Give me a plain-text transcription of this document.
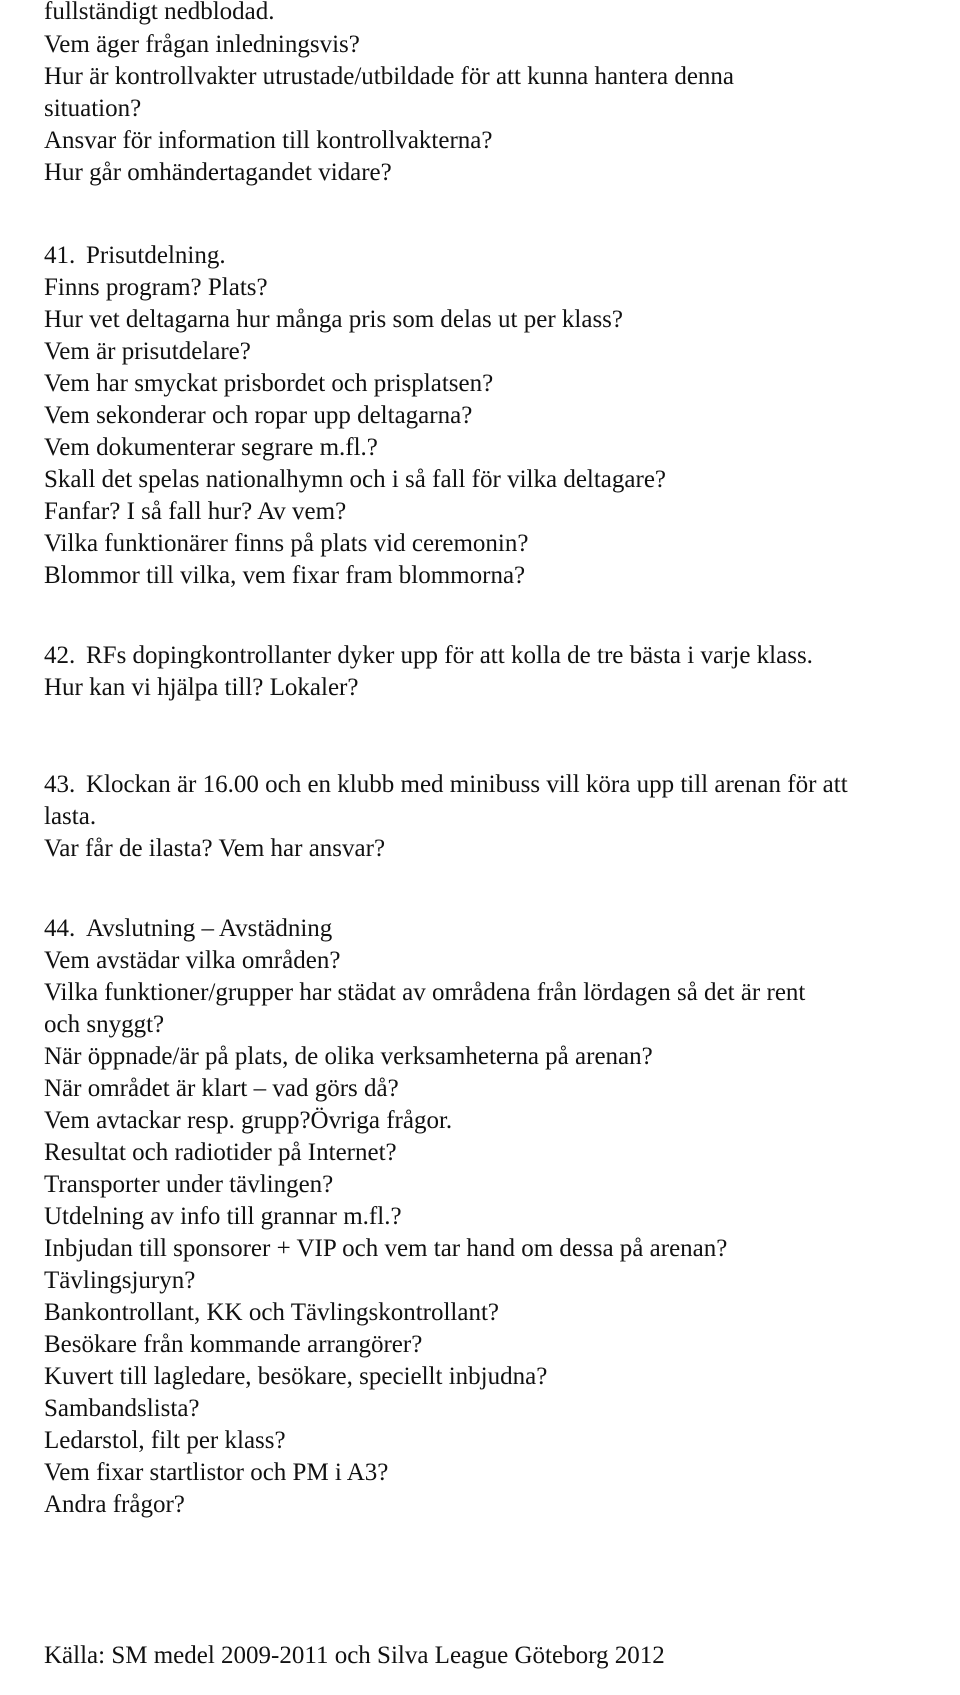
fullständigt nedblodad.
Vem äger frågan inledningsvis?
Hur är kontrollvakter utrustade/utbildade för att kunna hantera denna
situation?
Ansvar för information till kontrollvakterna?
Hur går omhändertagandet vidare?
41. Prisutdelning.
Finns program? Plats?
Hur vet deltagarna hur många pris som delas ut per klass?
Vem är prisutdelare?
Vem har smyckat prisbordet och prisplatsen?
Vem sekonderar och ropar upp deltagarna?
Vem dokumenterar segrare m.fl.?
Skall det spelas nationalhymn och i så fall för vilka deltagare?
Fanfar? I så fall hur? Av vem?
Vilka funktionärer finns på plats vid ceremonin?
Blommor till vilka, vem fixar fram blommorna?
42. RFs dopingkontrollanter dyker upp för att kolla de tre bästa i varje klass.
Hur kan vi hjälpa till? Lokaler?
43. Klockan är 16.00 och en klubb med minibuss vill köra upp till arenan för att
lasta.
Var får de ilasta? Vem har ansvar?
44. Avslutning – Avstädning
Vem avstädar vilka områden?
Vilka funktioner/grupper har städat av områdena från lördagen så det är rent
och snyggt?
När öppnade/är på plats, de olika verksamheterna på arenan?
När området är klart – vad görs då?
Vem avtackar resp. grupp?Övriga frågor.
Resultat och radiotider på Internet?
Transporter under tävlingen?
Utdelning av info till grannar m.fl.?
Inbjudan till sponsorer + VIP och vem tar hand om dessa på arenan?
Tävlingsjuryn?
Bankontrollant, KK och Tävlingskontrollant?
Besökare från kommande arrangörer?
Kuvert till lagledare, besökare, speciellt inbjudna?
Sambandslista?
Ledarstol, filt per klass?
Vem fixar startlistor och PM i A3?
Andra frågor?
Källa: SM medel 2009-2011 och Silva League Göteborg 2012
